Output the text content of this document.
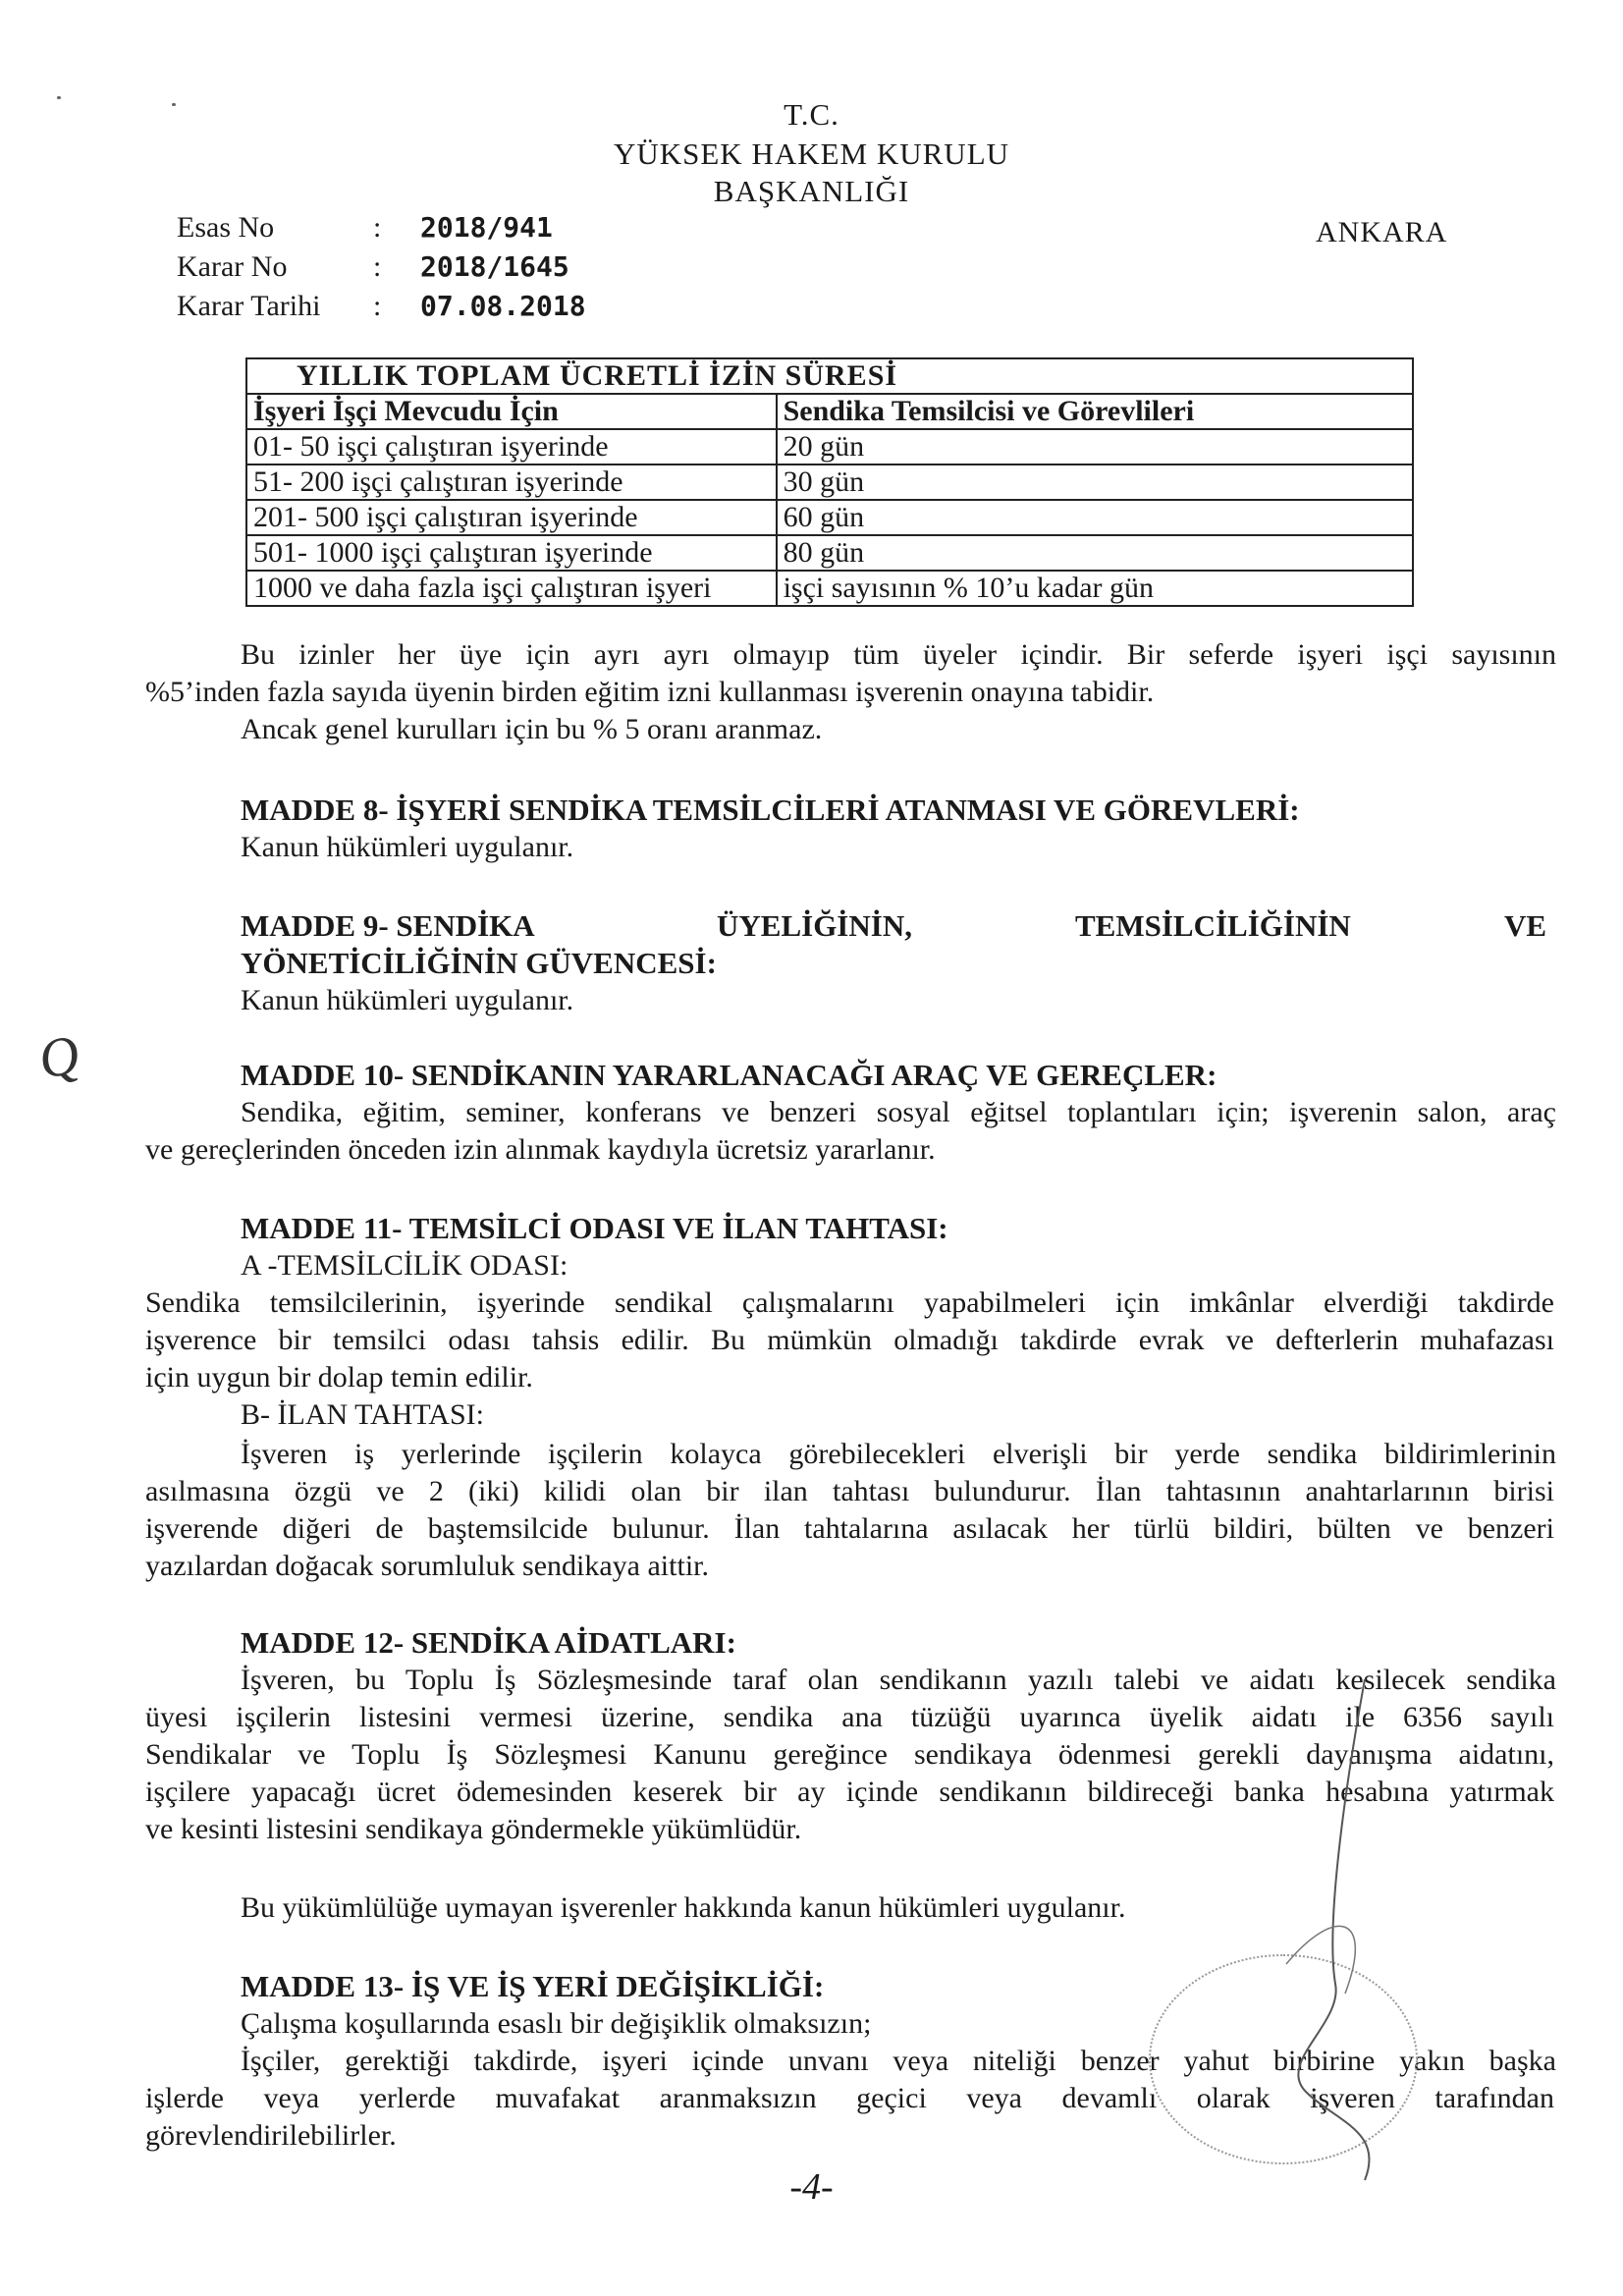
T.C.
YÜKSEK HAKEM KURULU
BAŞKANLIĞI
ANKARA
Esas No	: 2018/941
Karar No	: 2018/1645
Karar Tarihi : 07.08.2018
YILLIK TOPLAM ÜCRETLİ İZİN SÜRESİ	
İşyeri İşçi Mevcudu İçin	Sendika Temsilcisi ve Görevlileri
01- 50 işçi çalıştıran işyerinde	20 gün
51- 200 işçi çalıştıran işyerinde	30 gün
201- 500 işçi çalıştıran işyerinde	60 gün
501- 1000 işçi çalıştıran işyerinde	80 gün
1000 ve daha fazla işçi çalıştıran işyeri	işçi sayısının % 10’u kadar gün
Bu izinler her üye için ayrı ayrı olmayıp tüm üyeler içindir. Bir seferde işyeri işçi sayısının
%5’inden fazla sayıda üyenin birden eğitim izni kullanması işverenin onayına tabidir.
Ancak genel kurulları için bu % 5 oranı aranmaz.
MADDE 8- İŞYERİ SENDİKA TEMSİLCİLERİ ATANMASI VE GÖREVLERİ:
Kanun hükümleri uygulanır.
MADDE 9- SENDİKA	ÜYELİĞİNİN,	TEMSİLCİLİĞİNİN	VE
YÖNETİCİLİĞİNİN GÜVENCESİ:
Kanun hükümleri uygulanır.
Q	MADDE 10- SENDİKANIN YARARLANACAĞI ARAÇ VE GEREÇLER:
Sendika, eğitim, seminer, konferans ve benzeri sosyal eğitsel toplantıları için; işverenin salon, araç
ve gereçlerinden önceden izin alınmak kaydıyla ücretsiz yararlanır.
MADDE 11- TEMSİLCİ ODASI VE İLAN TAHTASI:
A -TEMSİLCİLİK ODASI:
Sendika temsilcilerinin, işyerinde sendikal çalışmalarını yapabilmeleri için imkânlar elverdiği takdirde
işverence bir temsilci odası tahsis edilir. Bu mümkün olmadığı takdirde evrak ve defterlerin muhafazası
için uygun bir dolap temin edilir.
B- İLAN TAHTASI:
İşveren iş yerlerinde işçilerin kolayca görebilecekleri elverişli bir yerde sendika bildirimlerinin
asılmasına özgü ve 2 (iki) kilidi olan bir ilan tahtası bulundurur. İlan tahtasının anahtarlarının birisi
işverende diğeri de baştemsilcide bulunur. İlan tahtalarına asılacak her türlü bildiri, bülten ve benzeri
yazılardan doğacak sorumluluk sendikaya aittir.
MADDE 12- SENDİKA AİDATLARI:
İşveren, bu Toplu İş Sözleşmesinde taraf olan sendikanın yazılı talebi ve aidatı kesilecek sendika
üyesi işçilerin listesini vermesi üzerine, sendika ana tüzüğü uyarınca üyelik aidatı ile 6356 sayılı
Sendikalar ve Toplu İş Sözleşmesi Kanunu gereğince sendikaya ödenmesi gerekli dayanışma aidatını,
işçilere yapacağı ücret ödemesinden keserek bir ay içinde sendikanın bildireceği banka hesabına yatırmak
ve kesinti listesini sendikaya göndermekle yükümlüdür.
Bu yükümlülüğe uymayan işverenler hakkında kanun hükümleri uygulanır.
MADDE 13- İŞ VE İŞ YERİ DEĞİŞİKLİĞİ:
Çalışma koşullarında esaslı bir değişiklik olmaksızın;
İşçiler, gerektiği takdirde, işyeri içinde unvanı veya niteliği benzer yahut birbirine yakın başka
işlerde veya yerlerde muvafakat aranmaksızın geçici veya devamlı olarak işveren tarafından
görevlendirilebilirler.
-4-
